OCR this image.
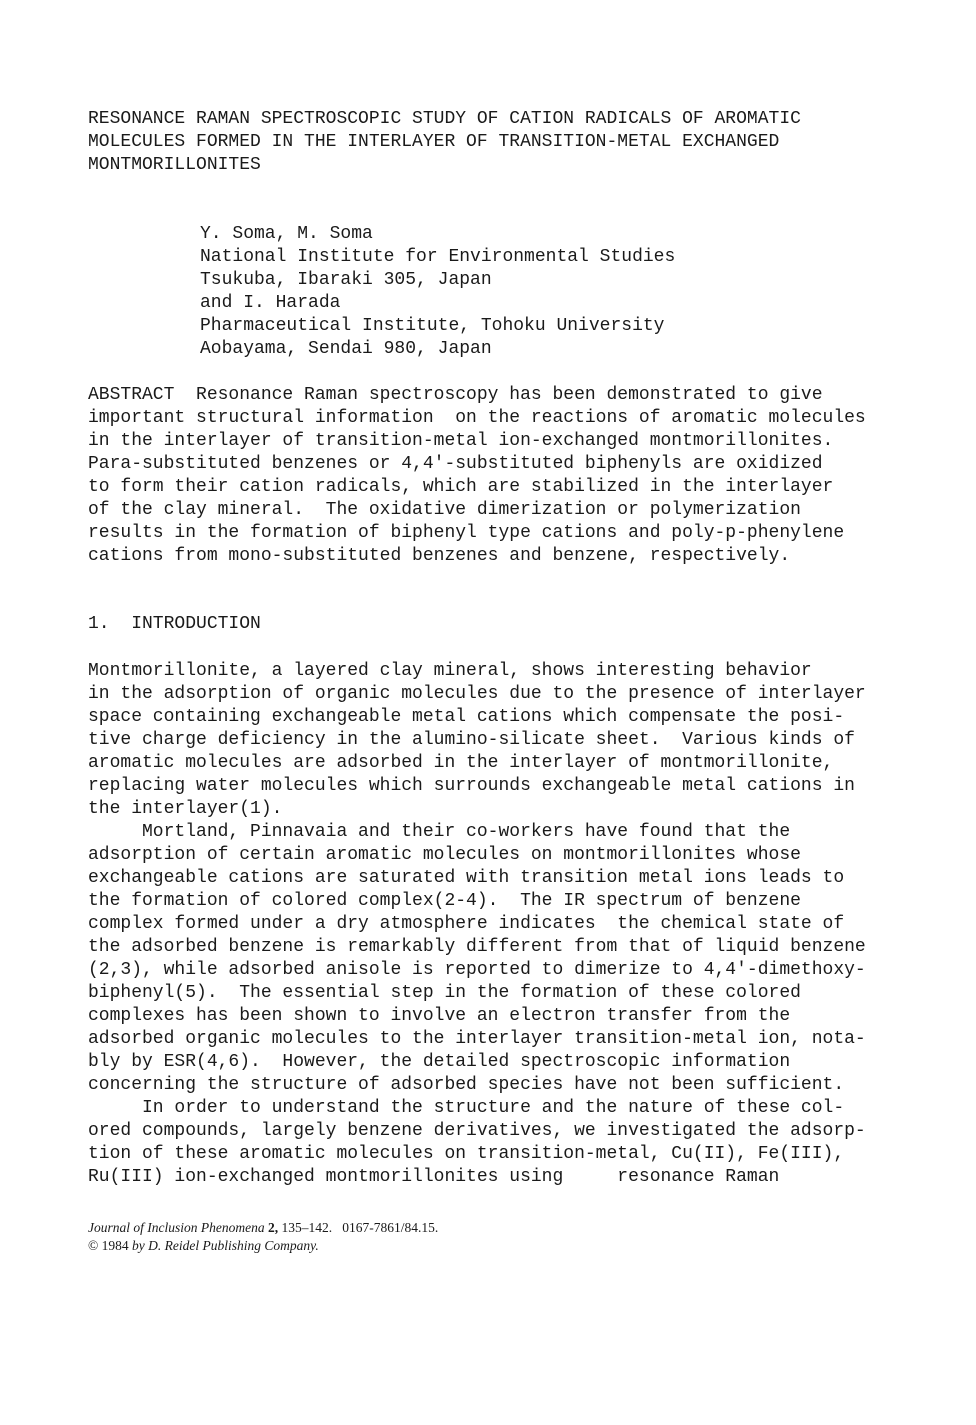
RESONANCE RAMAN SPECTROSCOPIC STUDY OF CATION RADICALS OF AROMATIC
MOLECULES FORMED IN THE INTERLAYER OF TRANSITION-METAL EXCHANGED
MONTMORILLONITES
Y. Soma, M. Soma
National Institute for Environmental Studies
Tsukuba, Ibaraki 305, Japan
and I. Harada
Pharmaceutical Institute, Tohoku University
Aobayama, Sendai 980, Japan
ABSTRACT  Resonance Raman spectroscopy has been demonstrated to give
important structural information  on the reactions of aromatic molecules
in the interlayer of transition-metal ion-exchanged montmorillonites.
Para-substituted benzenes or 4,4'-substituted biphenyls are oxidized
to form their cation radicals, which are stabilized in the interlayer
of the clay mineral.  The oxidative dimerization or polymerization
results in the formation of biphenyl type cations and poly-p-phenylene
cations from mono-substituted benzenes and benzene, respectively.
1.  INTRODUCTION
Montmorillonite, a layered clay mineral, shows interesting behavior
in the adsorption of organic molecules due to the presence of interlayer
space containing exchangeable metal cations which compensate the posi-
tive charge deficiency in the alumino-silicate sheet.  Various kinds of
aromatic molecules are adsorbed in the interlayer of montmorillonite,
replacing water molecules which surrounds exchangeable metal cations in
the interlayer(1).
Mortland, Pinnavaia and their co-workers have found that the
adsorption of certain aromatic molecules on montmorillonites whose
exchangeable cations are saturated with transition metal ions leads to
the formation of colored complex(2-4).  The IR spectrum of benzene
complex formed under a dry atmosphere indicates  the chemical state of
the adsorbed benzene is remarkably different from that of liquid benzene
(2,3), while adsorbed anisole is reported to dimerize to 4,4'-dimethoxy-
biphenyl(5).  The essential step in the formation of these colored
complexes has been shown to involve an electron transfer from the
adsorbed organic molecules to the interlayer transition-metal ion, nota-
bly by ESR(4,6).  However, the detailed spectroscopic information
concerning the structure of adsorbed species have not been sufficient.
In order to understand the structure and the nature of these col-
ored compounds, largely benzene derivatives, we investigated the adsorp-
tion of these aromatic molecules on transition-metal, Cu(II), Fe(III),
Ru(III) ion-exchanged montmorillonites using     resonance Raman
Journal of Inclusion Phenomena 2, 135–142.   0167-7861/84.15.
© 1984 by D. Reidel Publishing Company.
